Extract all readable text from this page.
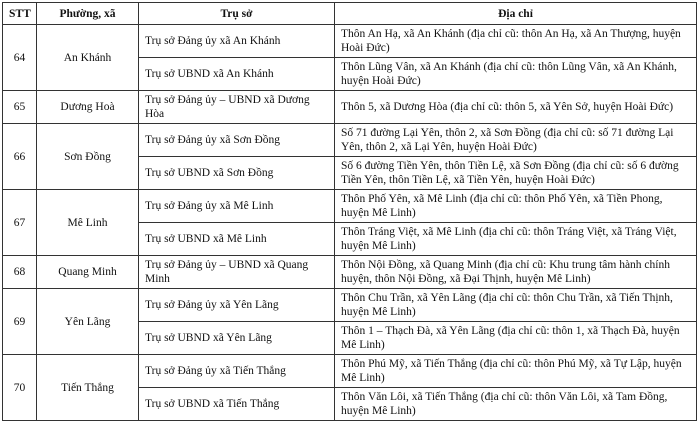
STT	Phường, xã	Trụ sở	Địa chỉ
64	An Khánh	Trụ sở Đảng ủy xã An Khánh	Thôn An Hạ, xã An Khánh (địa chỉ cũ: thôn An Hạ, xã An Thượng, huyện Hoài Đức)
		Trụ sở UBND xã An Khánh	Thôn Lũng Vân, xã An Khánh (địa chỉ cũ: thôn Lũng Vân, xã An Khánh, huyện Hoài Đức)
65	Dương Hoà	Trụ sở Đảng ủy – UBND xã Dương Hòa	Thôn 5, xã Dương Hòa (địa chỉ cũ: thôn 5, xã Yên Sở, huyện Hoài Đức)
66	Sơn Đồng	Trụ sở Đảng ủy xã Sơn Đồng	Số 71 đường Lại Yên, thôn 2, xã Sơn Đồng (địa chỉ cũ: số 71 đường Lại Yên, thôn 2, xã Lại Yên, huyện Hoài Đức)
		Trụ sở UBND xã Sơn Đồng	Số 6 đường Tiền Yên, thôn Tiền Lệ, xã Sơn Đồng (địa chỉ cũ: số 6 đường Tiền Yên, thôn Tiền Lệ, xã Tiền Yên, huyện Hoài Đức)
67	Mê Linh	Trụ sở Đảng ủy xã Mê Linh	Thôn Phố Yên, xã Mê Linh (địa chỉ cũ: thôn Phố Yên, xã Tiền Phong, huyện Mê Linh)
		Trụ sở UBND xã Mê Linh	Thôn Tráng Việt, xã Mê Linh (địa chỉ cũ: thôn Tráng Việt, xã Tráng Việt, huyện Mê Linh)
68	Quang Minh	Trụ sở Đảng ủy – UBND xã Quang Minh	Thôn Nội Đồng, xã Quang Minh (địa chỉ cũ: Khu trung tâm hành chính huyện, thôn Nội Đồng, xã Đại Thịnh, huyện Mê Linh)
69	Yên Lãng	Trụ sở Đảng ủy xã Yên Lãng	Thôn Chu Trần, xã Yên Lãng (địa chỉ cũ: thôn Chu Trần, xã Tiến Thịnh, huyện Mê Linh)
		Trụ sở UBND xã Yên Lãng	Thôn 1 – Thạch Đà, xã Yên Lãng (địa chỉ cũ: thôn 1, xã Thạch Đà, huyện Mê Linh)
70	Tiến Thắng	Trụ sở Đảng ủy xã Tiến Thắng	Thôn Phú Mỹ, xã Tiến Thắng (địa chỉ cũ: thôn Phú Mỹ, xã Tự Lập, huyện Mê Linh)
		Trụ sở UBND xã Tiến Thắng	Thôn Văn Lôi, xã Tiến Thắng (địa chỉ cũ: thôn Văn Lôi, xã Tam Đồng, huyện Mê Linh)
